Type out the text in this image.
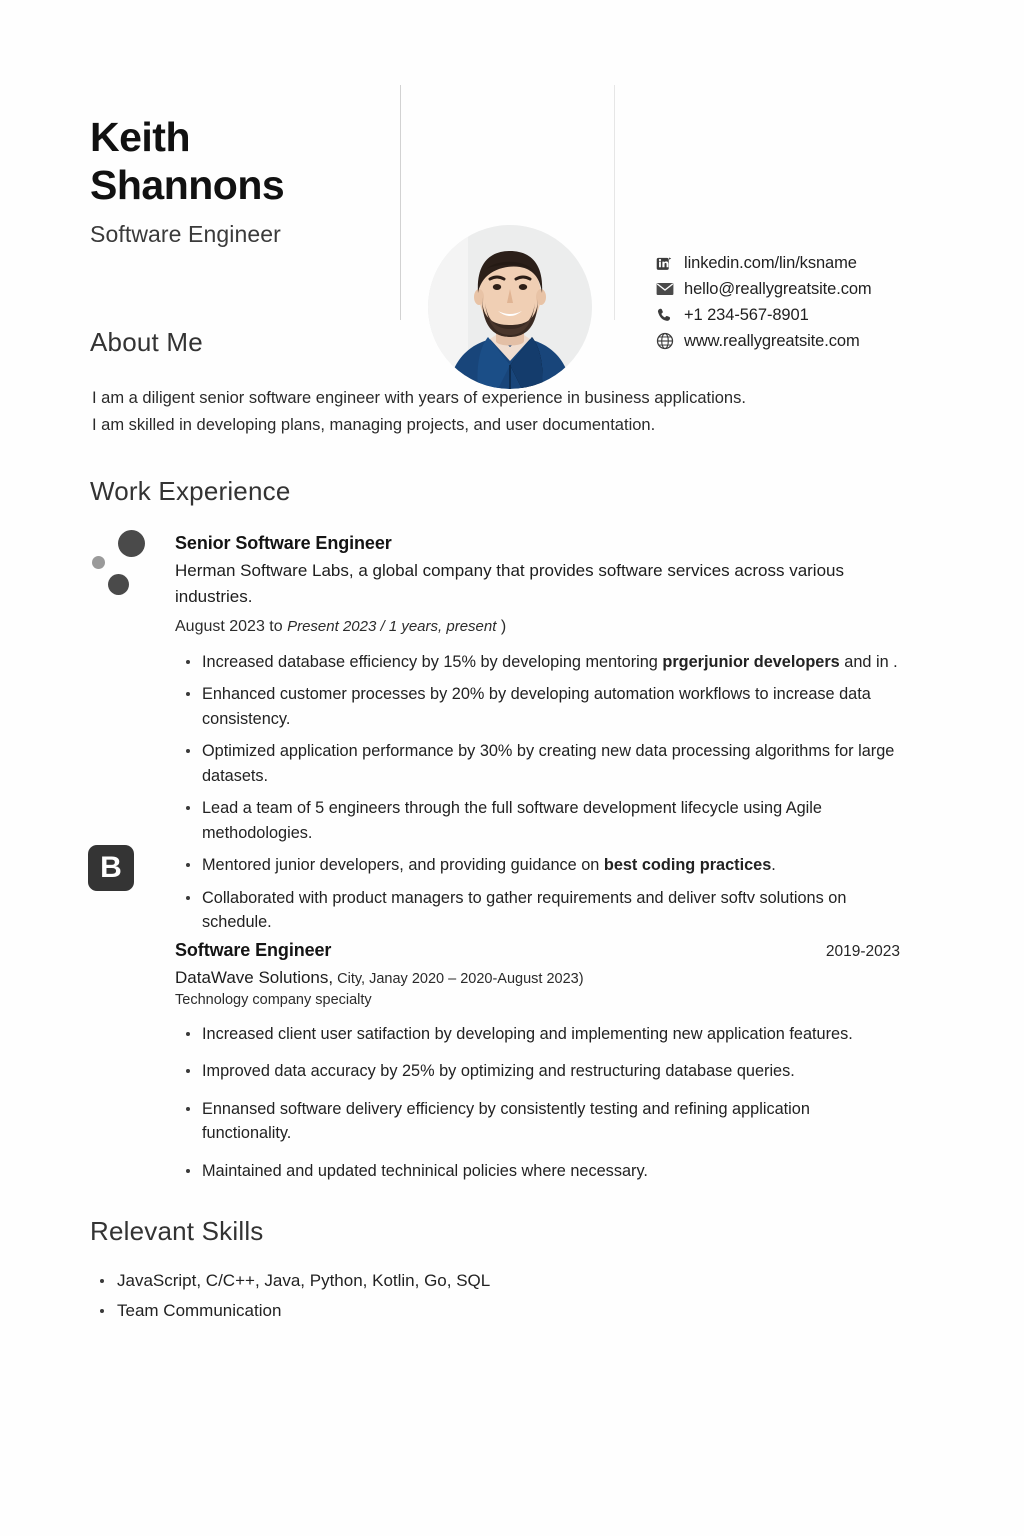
Keith
Shannons
Software Engineer
linkedin.com/lin/ksname
hello@reallygreatsite.com
+1 234-567-8901
www.reallygreatsite.com
About Me
I am a diligent senior software engineer with years of experience in business applications.
I am skilled in developing plans, managing projects, and user documentation.
Work Experience
B
Senior Software Engineer
Herman Software Labs, a global company that provides software services across various industries.
August 2023 to Present 2023 / 1 years, present )
Increased database efficiency by 15% by developing mentoring prgerjunior developers and in .
Enhanced customer processes by 20% by developing automation workflows to increase data consistency.
Optimized application performance by 30% by creating new data processing algorithms for large datasets.
Lead a team of 5 engineers through the full software development lifecycle using Agile methodologies.
Mentored junior developers, and providing guidance on best coding practices.
Collaborated with product managers to gather requirements and deliver softv solutions on schedule.
Software Engineer	2019-2023
DataWave Solutions, City, Janay 2020 – 2020-August 2023)
Technology company specialty
Increased client user satifaction by developing and implementing new application features.
Improved data accuracy by 25% by optimizing and restructuring database queries.
Ennansed software delivery efficiency by consistently testing and refining application functionality.
Maintained and updated techninical policies where necessary.
Relevant Skills
JavaScript, C/C++, Java, Python, Kotlin, Go, SQL
Team Communication
